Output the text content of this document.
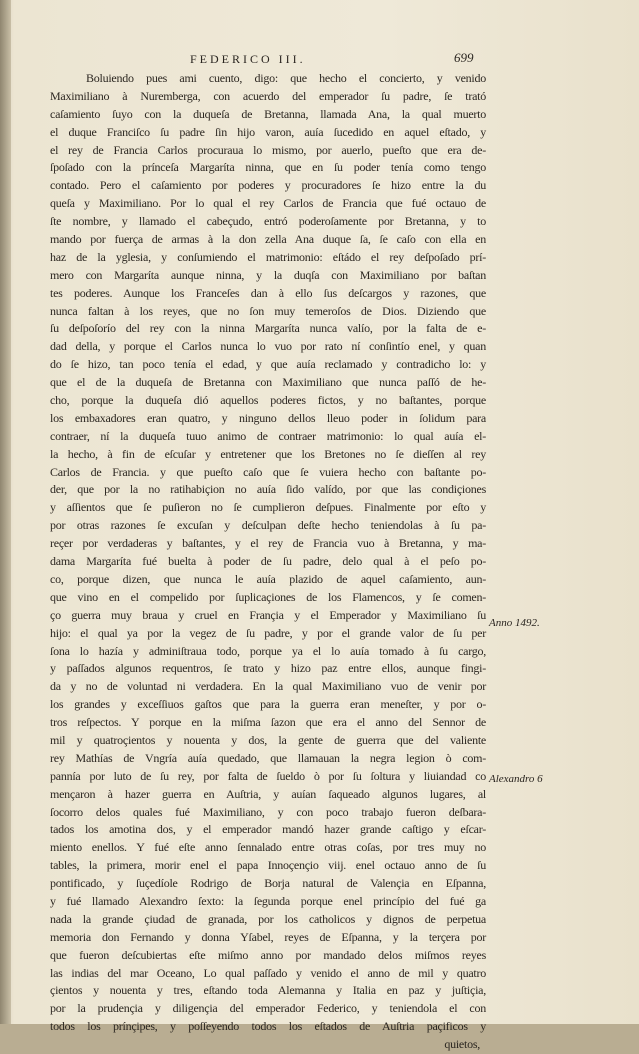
FEDERICO III.	699
Boluiendo pues ami cuento, digo: que hecho el concierto, y venido
Maximiliano à Nuremberga, con acuerdo del emperador ſu padre, ſe trató
caſamiento ſuyo con la duqueſa de Bretanna, llamada Ana, la qual muerto
el duque Franciſco ſu padre ſin hijo varon, auía ſucedido en aquel eſtado, y
el rey de Francia Carlos procuraua lo mismo, por auerlo, pueſto que era de-
ſpoſado con la prínceſa Margaríta ninna, que en ſu poder tenía como tengo
contado. Pero el caſamiento por poderes y procuradores ſe hizo entre la du
queſa y Maximiliano. Por lo qual el rey Carlos de Francia que fué octauo de
ſte nombre, y llamado el cabeçudo, entró poderoſamente por Bretanna, y to
mando por fuerça de armas à la don zella Ana duque ſa, ſe caſo con ella en
haz de la yglesia, y conſumiendo el matrimonio: eſtádo el rey deſpoſado prí-
mero con Margaríta aunque ninna, y la duqſa con Maximiliano por baſtan
tes poderes. Aunque los Franceſes dan à ello ſus deſcargos y razones, que
nunca faltan à los reyes, que no ſon muy temeroſos de Dios. Diziendo que
ſu deſpoſorío del rey con la ninna Margaríta nunca valío, por la falta de e-
dad della, y porque el Carlos nunca lo vuo por rato ní conſintío enel, y quan
do ſe hizo, tan poco tenía el edad, y que auía reclamado y contradicho lo: y
que el de la duqueſa de Bretanna con Maximiliano que nunca paſſó de he-
cho, porque la duqueſa dió aquellos poderes fictos, y no baſtantes, porque
los embaxadores eran quatro, y ninguno dellos lleuo poder in ſolidum para
contraer, ní la duqueſa tuuo animo de contraer matrimonio: lo qual auía el-
la hecho, à fin de eſcuſar y entretener que los Bretones no ſe dieſſen al rey
Carlos de Francia. y que pueſto caſo que ſe vuiera hecho con baſtante po-
der, que por la no ratihabiçion no auía ſido valído, por que las condiçiones
y aſſientos que ſe puſieron no ſe cumplieron deſpues. Finalmente por eſto y
por otras razones ſe excuſan y deſculpan deſte hecho teniendolas à ſu pa-
reçer por verdaderas y baſtantes, y el rey de Francia vuo à Bretanna, y ma-
dama Margaríta fué buelta à poder de ſu padre, delo qual à el peſo po-
co, porque dizen, que nunca le auía plazido de aquel caſamiento, aun-
que vino en el compelido por ſuplicaçiones de los Flamencos, y ſe comen-
ço guerra muy braua y cruel en Françia y el Emperador y Maximiliano ſu
hijo: el qual ya por la vegez de ſu padre, y por el grande valor de ſu per
ſona lo hazía y adminiſtraua todo, porque ya el lo auía tomado à ſu cargo,
y paſſados algunos requentros, ſe trato y hizo paz entre ellos, aunque fingi-
da y no de voluntad ni verdadera. En la qual Maximiliano vuo de venir por
los grandes y exceſſiuos gaſtos que para la guerra eran meneſter, y por o-
tros reſpectos. Y porque en la miſma ſazon que era el anno del Sennor de
mil y quatroçientos y nouenta y dos, la gente de guerra que del valiente
rey Mathías de Vngría auía quedado, que llamauan la negra legion ò com-
pannía por luto de ſu rey, por falta de ſueldo ò por ſu ſoltura y liuiandad co
mençaron à hazer guerra en Auſtria, y auían ſaqueado algunos lugares, al
ſocorro delos quales fué Maximiliano, y con poco trabajo fueron deſbara-
tados los amotina dos, y el emperador mandó hazer grande caſtigo y eſcar-
miento enellos. Y fué eſte anno ſennalado entre otras coſas, por tres muy no
tables, la primera, morir enel el papa Innoçençio viij. enel octauo anno de ſu
pontificado, y ſuçedíole Rodrigo de Borja natural de Valençia en Eſpanna,
y fué llamado Alexandro ſexto: la ſegunda porque enel princípio del fué ga
nada la grande çiudad de granada, por los catholicos y dignos de perpetua
memoria don Fernando y donna Yſabel, reyes de Eſpanna, y la terçera por
que fueron deſcubiertas eſte miſmo anno por mandado delos miſmos reyes
las indias del mar Oceano, Lo qual paſſado y venido el anno de mil y quatro
çientos y nouenta y tres, eſtando toda Alemanna y Italia en paz y juſtiçia,
por la prudençia y diligençia del emperador Federico, y teniendola el con
todos los prínçipes, y poſſeyendo todos los eſtados de Auſtria paçificos y
quietos,
Anno 1492.
Alexandro 6
